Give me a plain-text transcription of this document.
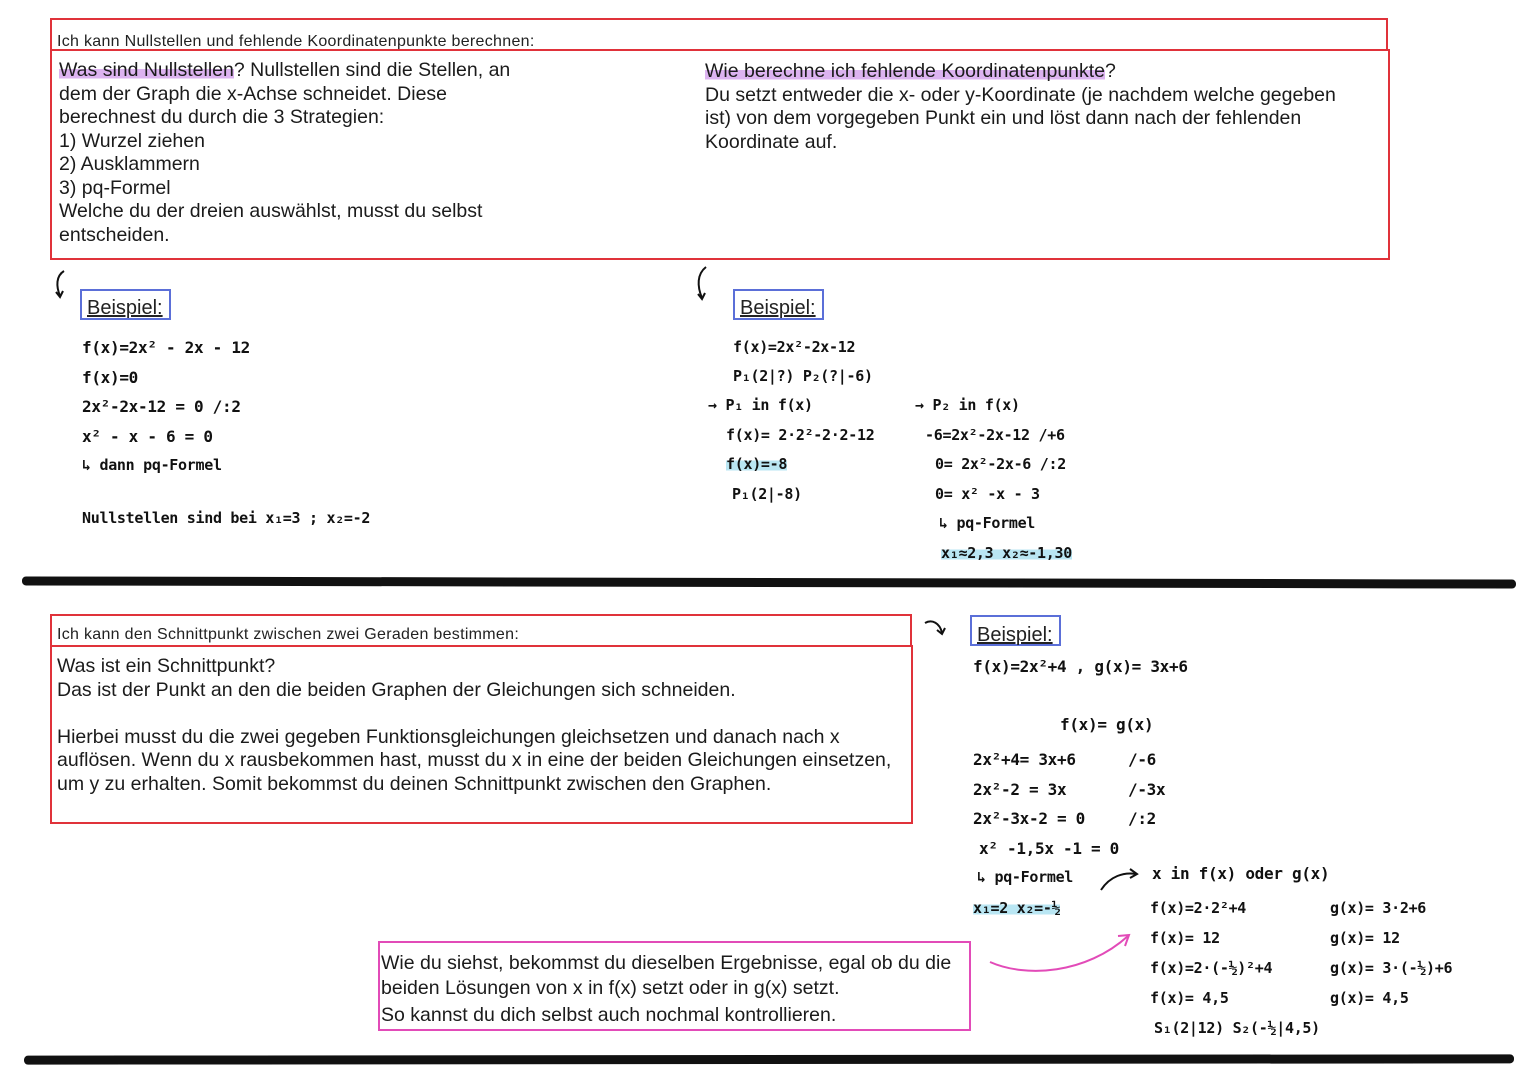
Ich kann Nullstellen und fehlende Koordinatenpunkte berechnen:
Was sind Nullstellen? Nullstellen sind die Stellen, an
dem der Graph die x-Achse schneidet. Diese
berechnest du durch die 3 Strategien:
1) Wurzel ziehen
2) Ausklammern
3) pq-Formel
Welche du der dreien auswählst, musst du selbst
entscheiden.
Wie berechne ich fehlende Koordinatenpunkte?
Du setzt entweder die x- oder y-Koordinate (je nachdem welche gegeben
ist) von dem vorgegeben Punkt ein und löst dann nach der fehlenden
Koordinate auf.
Beispiel:
f(x)=2x² - 2x - 12
f(x)=0
2x²-2x-12 = 0 /:2
x² - x - 6 = 0
↳ dann pq-Formel
Nullstellen sind bei x₁=3 ; x₂=-2
Beispiel:
f(x)=2x²-2x-12
P₁(2|?) P₂(?|-6)
→ P₁ in f(x)
f(x)= 2·2²-2·2-12
f(x)=-8
P₁(2|-8)
→ P₂ in f(x)
-6=2x²-2x-12 /+6
0= 2x²-2x-6 /:2
0= x² -x - 3
↳ pq-Formel
x₁≈2,3 x₂≈-1,30
Ich kann den Schnittpunkt zwischen zwei Geraden bestimmen:
Was ist ein Schnittpunkt?
Das ist der Punkt an den die beiden Graphen der Gleichungen sich schneiden.
Hierbei musst du die zwei gegeben Funktionsgleichungen gleichsetzen und danach nach x
auflösen. Wenn du x rausbekommen hast, musst du x in eine der beiden Gleichungen einsetzen,
um y zu erhalten. Somit bekommst du deinen Schnittpunkt zwischen den Graphen.
Beispiel:
f(x)=2x²+4 , g(x)= 3x+6
f(x)= g(x)
2x²+4= 3x+6
2x²-2 = 3x
2x²-3x-2 = 0
x² -1,5x -1 = 0
↳ pq-Formel
x₁=2 x₂=-½
/-6
/-3x
/:2
x in f(x) oder g(x)
f(x)=2·2²+4
f(x)= 12
f(x)=2·(-½)²+4
f(x)= 4,5
S₁(2|12) S₂(-½|4,5)
g(x)= 3·2+6
g(x)= 12
g(x)= 3·(-½)+6
g(x)= 4,5
Wie du siehst, bekommst du dieselben Ergebnisse, egal ob du die
beiden Lösungen von x in f(x) setzt oder in g(x) setzt.
So kannst du dich selbst auch nochmal kontrollieren.
